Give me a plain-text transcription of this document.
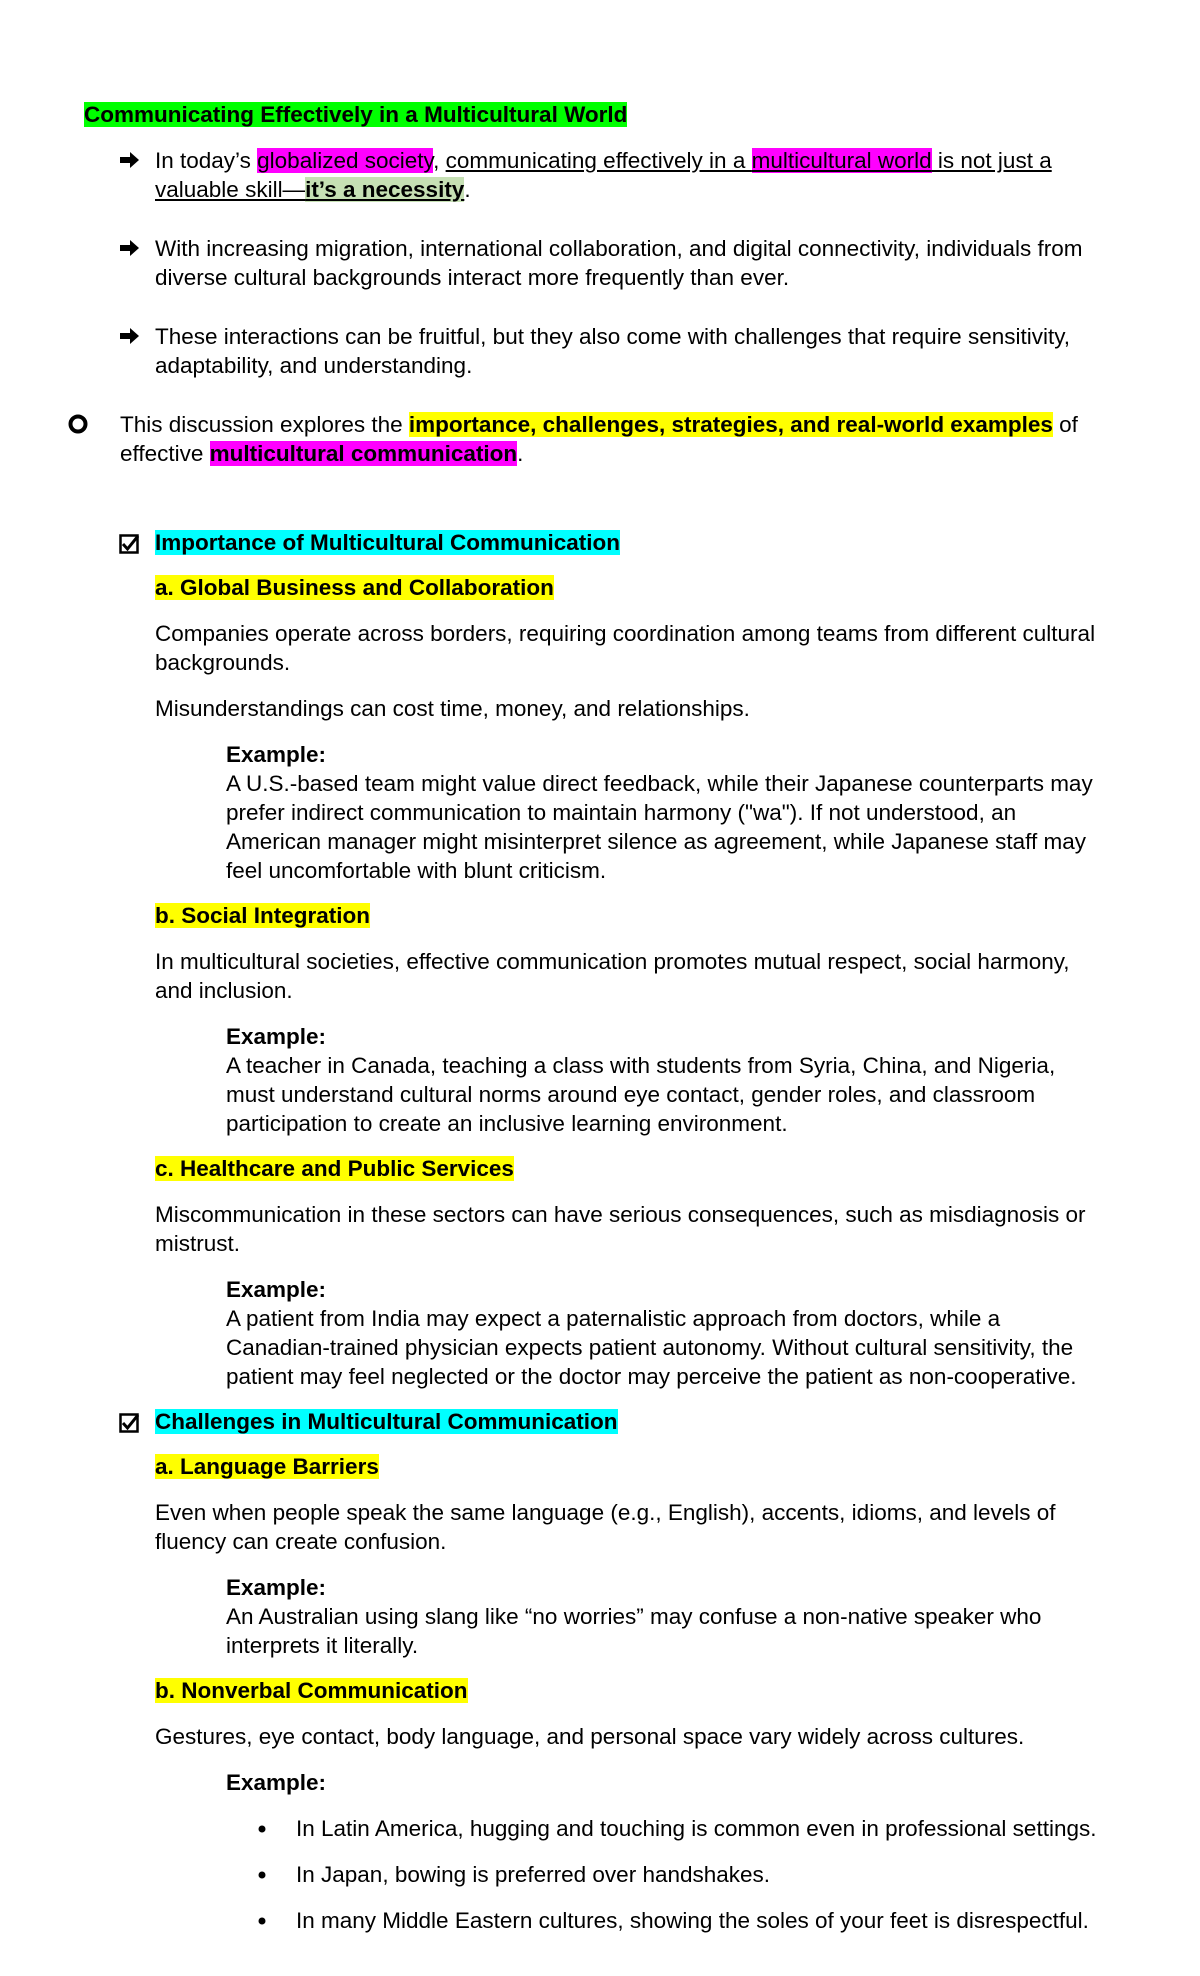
Communicating Effectively in a Multicultural World
In today’s globalized society, communicating effectively in a multicultural world is not just a
valuable skill—it’s a necessity.
With increasing migration, international collaboration, and digital connectivity, individuals from
diverse cultural backgrounds interact more frequently than ever.
These interactions can be fruitful, but they also come with challenges that require sensitivity,
adaptability, and understanding.
This discussion explores the importance, challenges, strategies, and real-world examples of
effective multicultural communication.
Importance of Multicultural Communication
a. Global Business and Collaboration
Companies operate across borders, requiring coordination among teams from different cultural
backgrounds.
Misunderstandings can cost time, money, and relationships.
Example:
A U.S.-based team might value direct feedback, while their Japanese counterparts may
prefer indirect communication to maintain harmony ("wa"). If not understood, an
American manager might misinterpret silence as agreement, while Japanese staff may
feel uncomfortable with blunt criticism.
b. Social Integration
In multicultural societies, effective communication promotes mutual respect, social harmony,
and inclusion.
Example:
A teacher in Canada, teaching a class with students from Syria, China, and Nigeria,
must understand cultural norms around eye contact, gender roles, and classroom
participation to create an inclusive learning environment.
c. Healthcare and Public Services
Miscommunication in these sectors can have serious consequences, such as misdiagnosis or
mistrust.
Example:
A patient from India may expect a paternalistic approach from doctors, while a
Canadian-trained physician expects patient autonomy. Without cultural sensitivity, the
patient may feel neglected or the doctor may perceive the patient as non-cooperative.
Challenges in Multicultural Communication
a. Language Barriers
Even when people speak the same language (e.g., English), accents, idioms, and levels of
fluency can create confusion.
Example:
An Australian using slang like “no worries” may confuse a non-native speaker who
interprets it literally.
b. Nonverbal Communication
Gestures, eye contact, body language, and personal space vary widely across cultures.
Example:
In Latin America, hugging and touching is common even in professional settings.
In Japan, bowing is preferred over handshakes.
In many Middle Eastern cultures, showing the soles of your feet is disrespectful.
